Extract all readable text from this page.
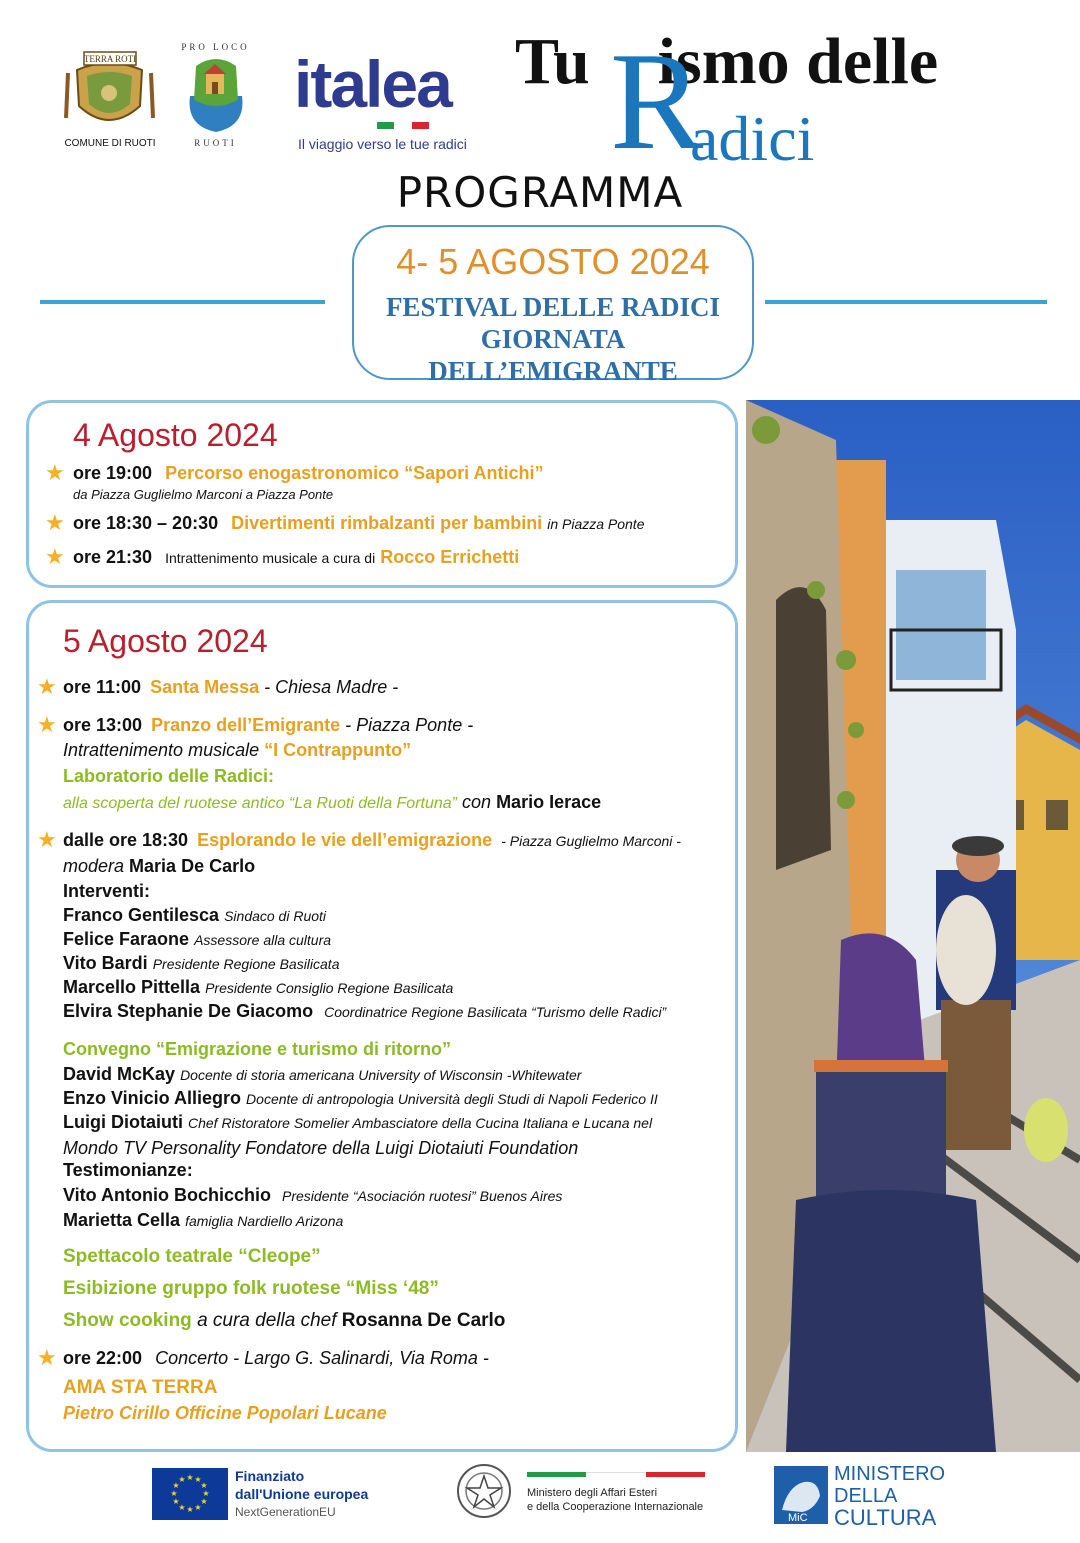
TERRA ROTI
COMUNE DI RUOTI
PRO LOCO
RUOTI
italea
Il viaggio verso le tue radici
Tu ismo delle
R
adici
PROGRAMMA
4- 5 AGOSTO 2024
FESTIVAL DELLE RADICI
GIORNATA DELL’EMIGRANTE
4 Agosto 2024
★ ore 19:00 Percorso enogastronomico “Sapori Antichi”
da Piazza Guglielmo Marconi a Piazza Ponte
★ ore 18:30 – 20:30 Divertimenti rimbalzanti per bambini in Piazza Ponte
★ ore 21:30 Intrattenimento musicale a cura di Rocco Errichetti
5 Agosto 2024
★ ore 11:00 Santa Messa - Chiesa Madre -
★ ore 13:00 Pranzo dell’Emigrante - Piazza Ponte -
Intrattenimento musicale “I Contrappunto”
Laboratorio delle Radici:
alla scoperta del ruotese antico “La Ruoti della Fortuna” con Mario Ierace
★ dalle ore 18:30 Esplorando le vie dell’emigrazione - Piazza Guglielmo Marconi -
modera Maria De Carlo
Interventi:
Franco Gentilesca Sindaco di Ruoti
Felice Faraone Assessore alla cultura
Vito Bardi Presidente Regione Basilicata
Marcello Pittella Presidente Consiglio Regione Basilicata
Elvira Stephanie De Giacomo Coordinatrice Regione Basilicata “Turismo delle Radici”
Convegno “Emigrazione e turismo di ritorno”
David McKay Docente di storia americana University of Wisconsin -Whitewater
Enzo Vinicio Alliegro Docente di antropologia Università degli Studi di Napoli Federico II
Luigi Diotaiuti Chef Ristoratore Somelier Ambasciatore della Cucina Italiana e Lucana nel
Mondo TV Personality Fondatore della Luigi Diotaiuti Foundation
Testimonianze:
Vito Antonio Bochicchio Presidente “Asociación ruotesi” Buenos Aires
Marietta Cella famiglia Nardiello Arizona
Spettacolo teatrale “Cleope”
Esibizione gruppo folk ruotese “Miss ‘48”
Show cooking a cura della chef Rosanna De Carlo
★ ore 22:00 Concerto - Largo G. Salinardi, Via Roma -
AMA STA TERRA
Pietro Cirillo Officine Popolari Lucane
★ ★
★
★
★
★
★
★
★
★
★
★	Finanziato
dall'Unione europea
NextGenerationEU
Ministero degli Affari Esteri
e della Cooperazione Internazionale
MiC
MINISTERO
DELLA
CULTURA
